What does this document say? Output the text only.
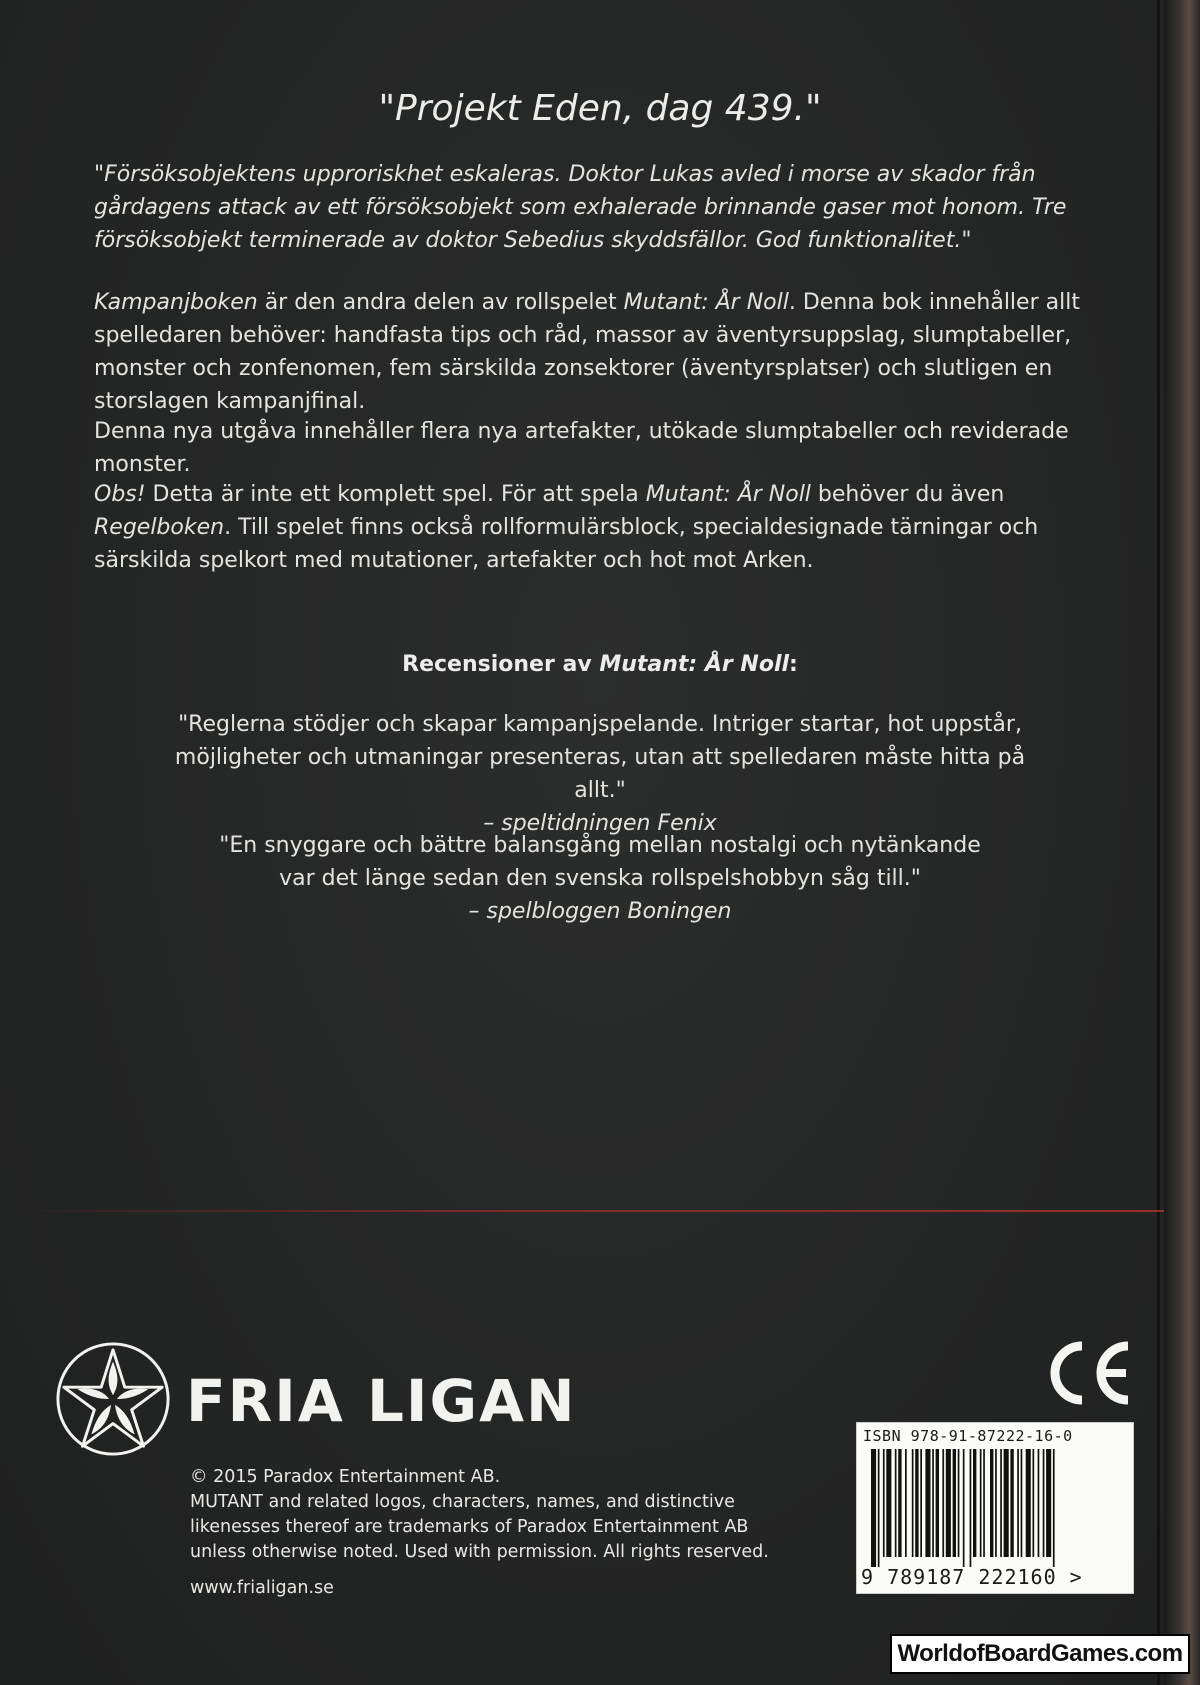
"Projekt Eden, dag 439."

"Försöksobjektens upproriskhet eskaleras. Doktor Lukas avled i morse av skador från gårdagens attack av ett försöksobjekt som exhalerade brinnande gaser mot honom. Tre försöksobjekt terminerade av doktor Sebedius skyddsfällor. God funktionalitet."

Kampanjboken är den andra delen av rollspelet Mutant: År Noll. Denna bok innehåller allt spelledaren behöver: handfasta tips och råd, massor av äventyrsuppslag, slumptabeller, monster och zonfenomen, fem särskilda zonsektorer (äventyrsplatser) och slutligen en storslagen kampanjfinal.

Denna nya utgåva innehåller flera nya artefakter, utökade slumptabeller och reviderade monster.

Obs! Detta är inte ett komplett spel. För att spela Mutant: År Noll behöver du även Regelboken. Till spelet finns också rollformulärsblock, specialdesignade tärningar och särskilda spelkort med mutationer, artefakter och hot mot Arken.

Recensioner av Mutant: År Noll:

"Reglerna stödjer och skapar kampanjspelande. Intriger startar, hot uppstår,
möjligheter och utmaningar presenteras, utan att spelledaren måste hitta på allt."
– speltidningen Fenix

"En snyggare och bättre balansgång mellan nostalgi och nytänkande
var det länge sedan den svenska rollspelshobbyn såg till."
– spelbloggen Boningen

FRIA LIGAN

© 2015 Paradox Entertainment AB.
MUTANT and related logos, characters, names, and distinctive
likenesses thereof are trademarks of Paradox Entertainment AB
unless otherwise noted. Used with permission. All rights reserved.

www.frialigan.se

ISBN 978-91-87222-16-0
9 789187 222160 >
WorldofBoardGames.com
